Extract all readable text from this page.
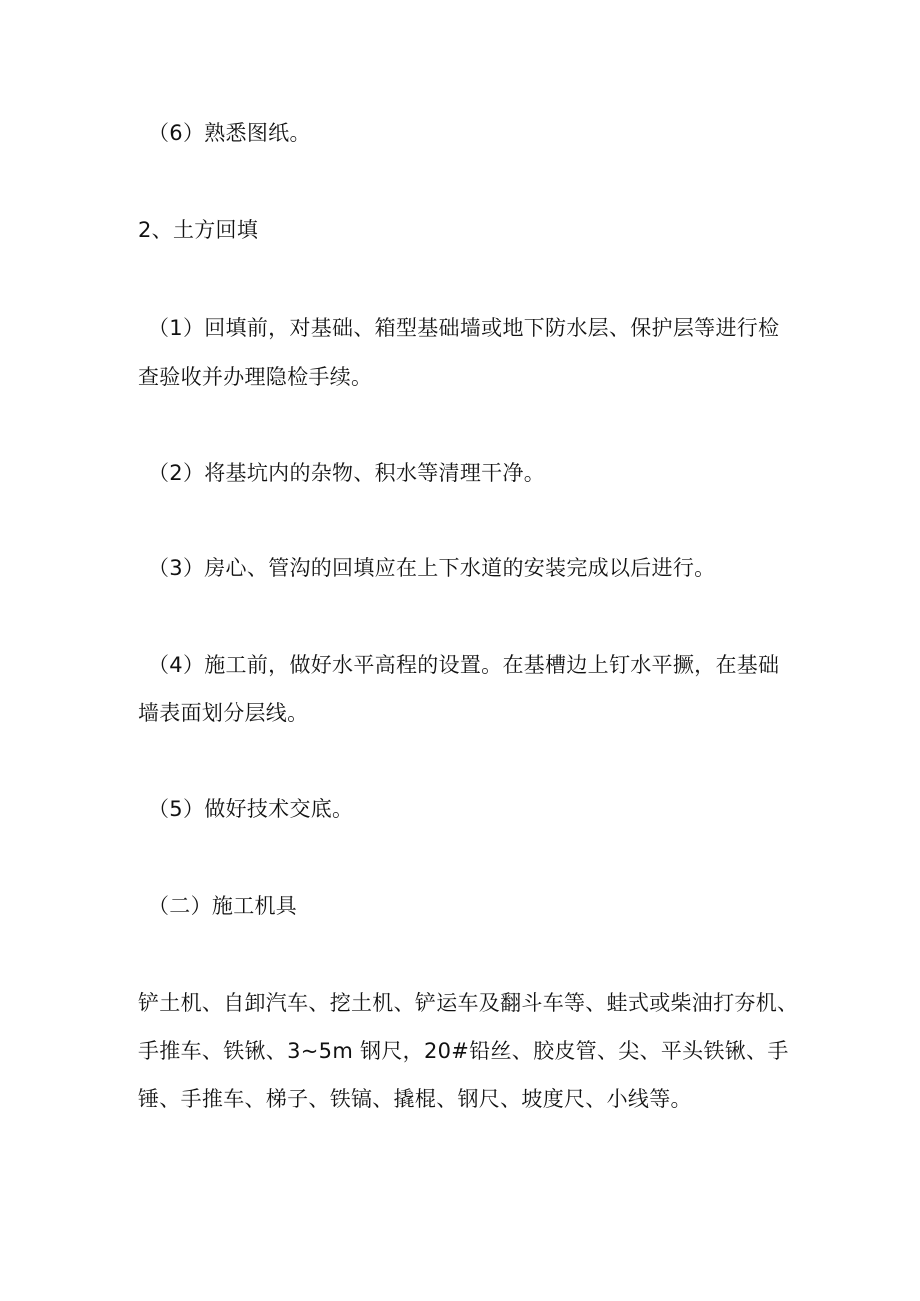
（6）熟悉图纸。
2、土方回填
（1）回填前，对基础、箱型基础墙或地下防水层、保护层等进行检
查验收并办理隐检手续。
（2）将基坑内的杂物、积水等清理干净。
（3）房心、管沟的回填应在上下水道的安装完成以后进行。
（4）施工前，做好水平高程的设置。在基槽边上钉水平撅，在基础
墙表面划分层线。
（5）做好技术交底。
（二）施工机具
铲土机、自卸汽车、挖土机、铲运车及翻斗车等、蛙式或柴油打夯机、
手推车、铁锹、3~5m 钢尺，20#铅丝、胶皮管、尖、平头铁锹、手
锤、手推车、梯子、铁镐、撬棍、钢尺、坡度尺、小线等。
